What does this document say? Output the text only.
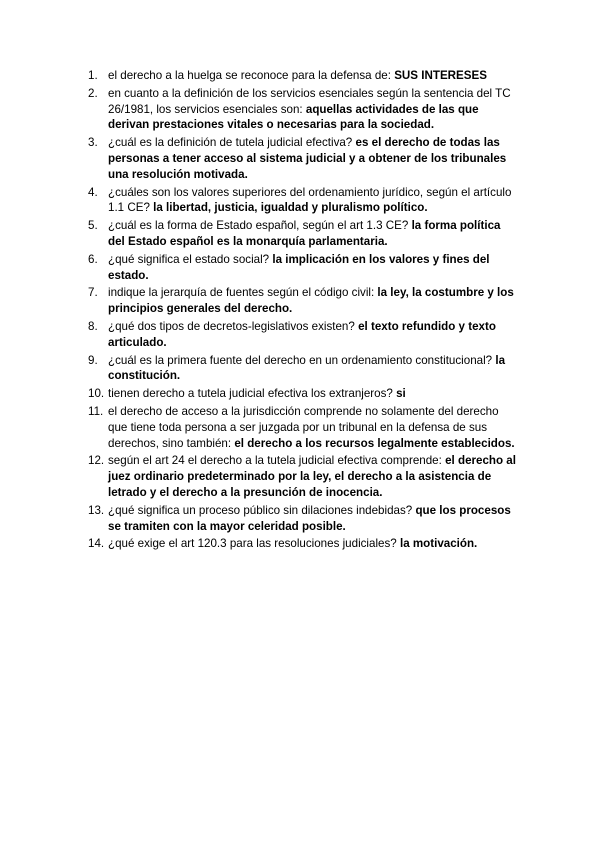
1. el derecho a la huelga se reconoce para la defensa de: SUS INTERESES
2. en cuanto a la definición de los servicios esenciales según la sentencia del TC 26/1981, los servicios esenciales son: aquellas actividades de las que derivan prestaciones vitales o necesarias para la sociedad.
3. ¿cuál es la definición de tutela judicial efectiva? es el derecho de todas las personas a tener acceso al sistema judicial y a obtener de los tribunales una resolución motivada.
4. ¿cuáles son los valores superiores del ordenamiento jurídico, según el artículo 1.1 CE? la libertad, justicia, igualdad y pluralismo político.
5. ¿cuál es la forma de Estado español, según el art 1.3 CE? la forma política del Estado español es la monarquía parlamentaria.
6. ¿qué significa el estado social? la implicación en los valores y fines del estado.
7. indique la jerarquía de fuentes según el código civil: la ley, la costumbre y los principios generales del derecho.
8. ¿qué dos tipos de decretos-legislativos existen? el texto refundido y texto articulado.
9. ¿cuál es la primera fuente del derecho en un ordenamiento constitucional? la constitución.
10. tienen derecho a tutela judicial efectiva los extranjeros? si
11. el derecho de acceso a la jurisdicción comprende no solamente del derecho que tiene toda persona a ser juzgada por un tribunal en la defensa de sus derechos, sino también: el derecho a los recursos legalmente establecidos.
12. según el art 24 el derecho a la tutela judicial efectiva comprende: el derecho al juez ordinario predeterminado por la ley, el derecho a la asistencia de letrado y el derecho a la presunción de inocencia.
13. ¿qué significa un proceso público sin dilaciones indebidas? que los procesos se tramiten con la mayor celeridad posible.
14. ¿qué exige el art 120.3 para las resoluciones judiciales? la motivación.
